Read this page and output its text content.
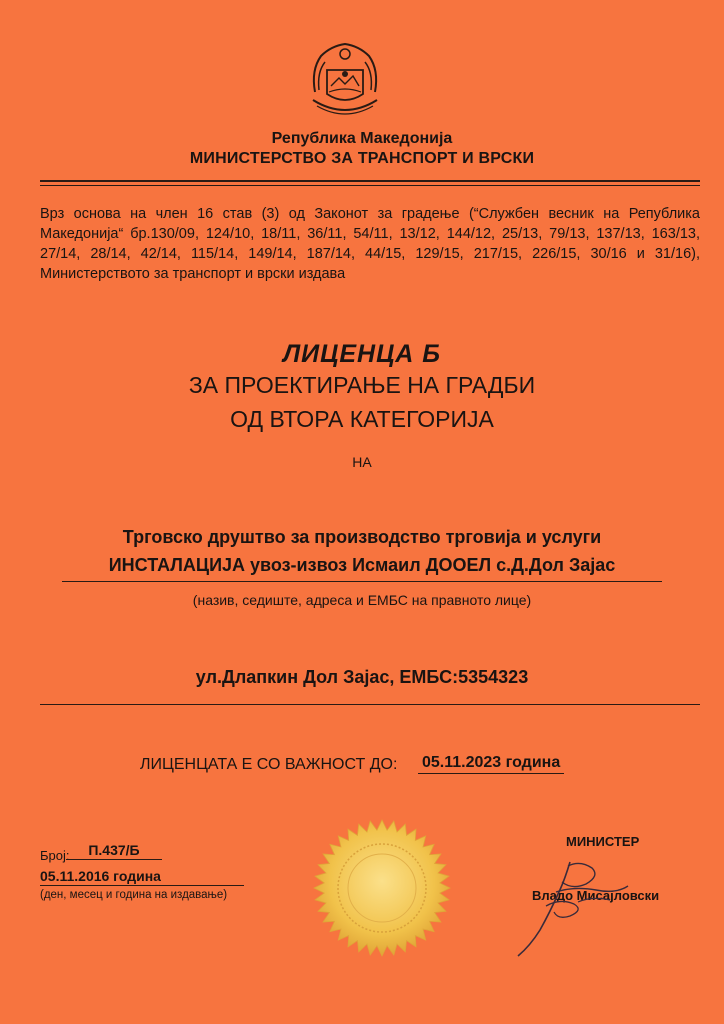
Република Македонија
МИНИСТЕРСТВО ЗА ТРАНСПОРТ И ВРСКИ
Врз основа на член 16 став (3) од Законот за градење (“Службен весник на Република Македонија“ бр.130/09, 124/10, 18/11, 36/11, 54/11, 13/12, 144/12, 25/13, 79/13, 137/13, 163/13, 27/14, 28/14, 42/14, 115/14, 149/14, 187/14, 44/15, 129/15, 217/15, 226/15, 30/16 и 31/16), Министерството за транспорт и врски издава
ЛИЦЕНЦА Б
ЗА ПРОЕКТИРАЊЕ НА ГРАДБИ
ОД ВТОРА КАТЕГОРИЈА
НА
Трговско друштво за производство трговија и услуги
ИНСТАЛАЦИЈА увоз-извоз Исмаил ДООЕЛ с.Д.Дол Зајас
(назив, седиште, адреса и ЕМБС на правното лице)
ул.Длапкин Дол Зајас, ЕМБС:5354323
ЛИЦЕНЦАТА Е СО ВАЖНОСТ ДО: 05.11.2023 година
Број:	П.437/Б
05.11.2016 година
(ден, месец и година на издавање)
МИНИСТЕР
Владо Мисајловски
